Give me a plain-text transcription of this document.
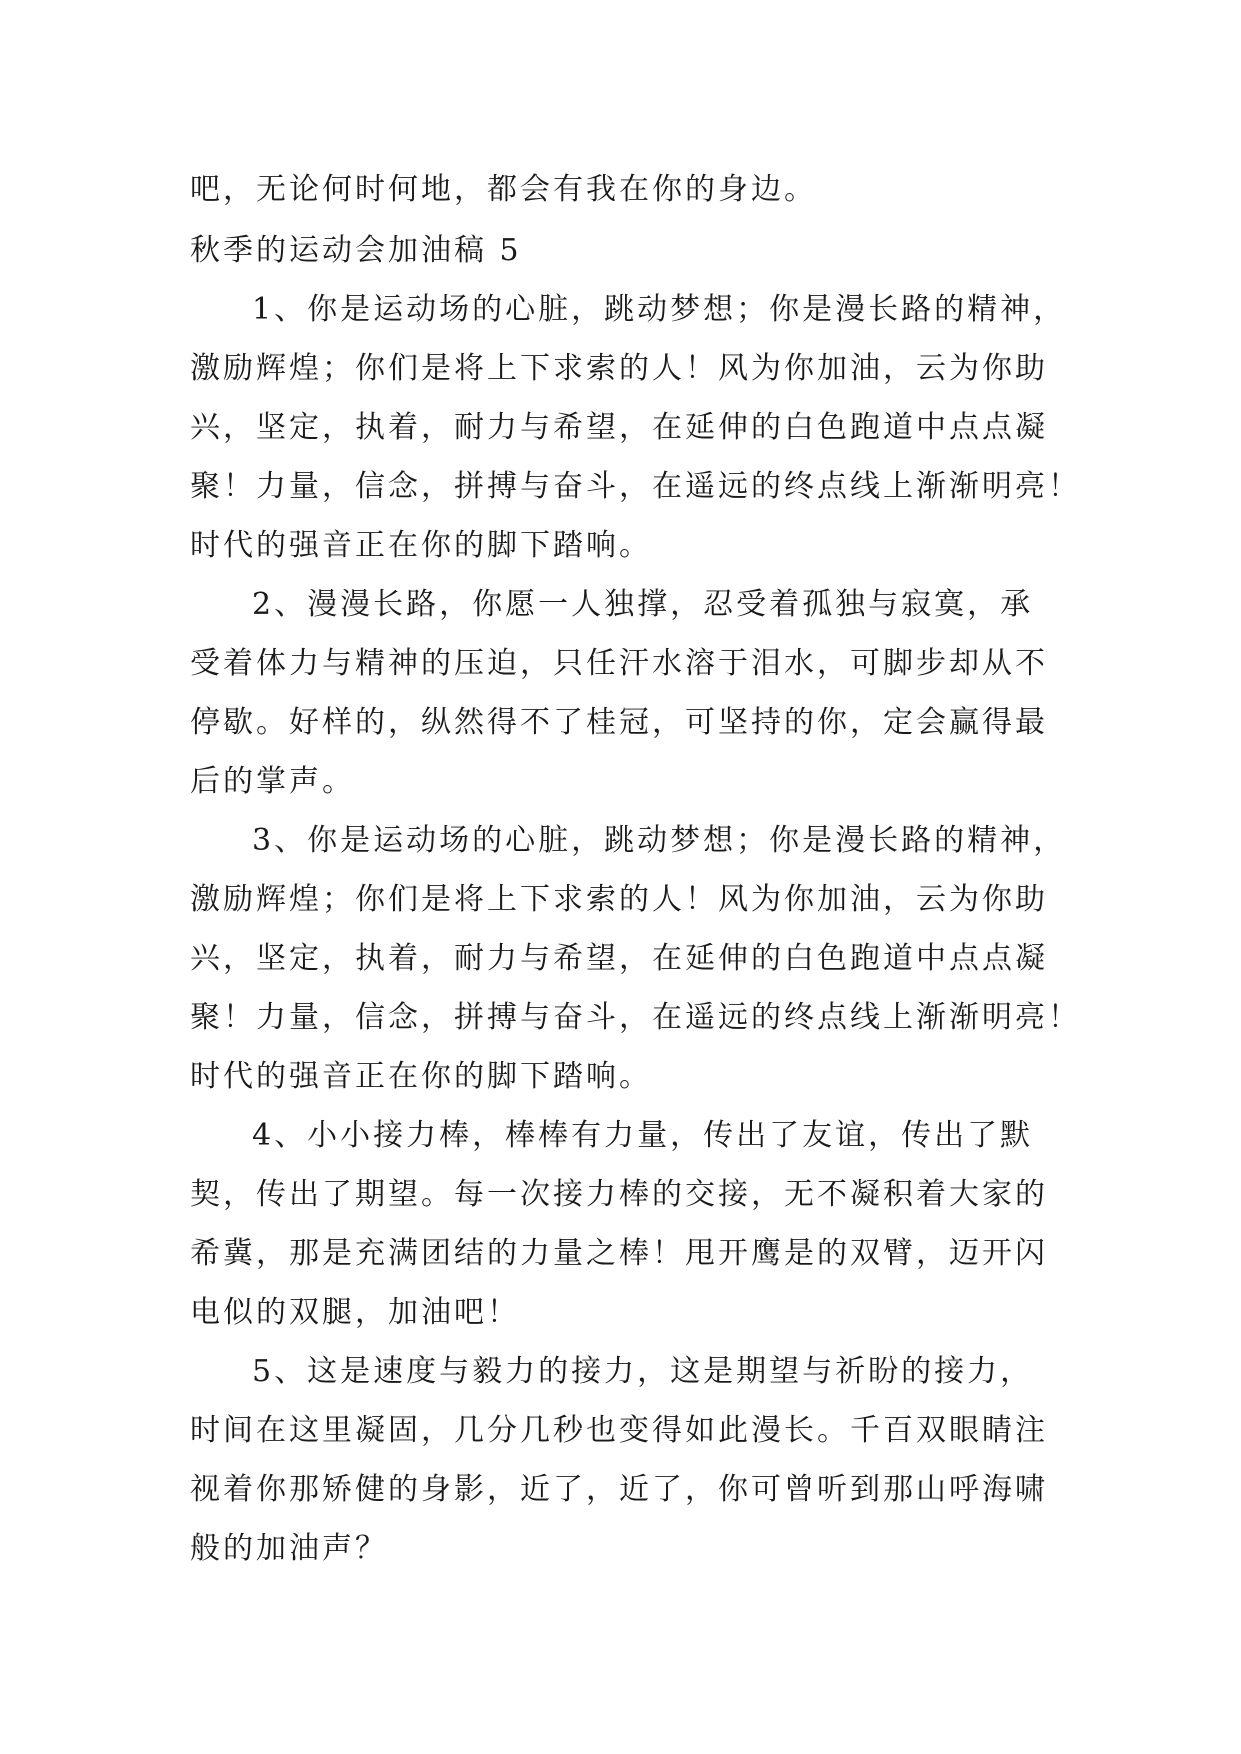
吧，无论何时何地，都会有我在你的身边。
秋季的运动会加油稿 5
1、你是运动场的心脏，跳动梦想；你是漫长路的精神，
激励辉煌；你们是将上下求索的人！风为你加油，云为你助
兴，坚定，执着，耐力与希望，在延伸的白色跑道中点点凝
聚！力量，信念，拼搏与奋斗，在遥远的终点线上渐渐明亮！
时代的强音正在你的脚下踏响。
2、漫漫长路，你愿一人独撑，忍受着孤独与寂寞，承
受着体力与精神的压迫，只任汗水溶于泪水，可脚步却从不
停歇。好样的，纵然得不了桂冠，可坚持的你，定会赢得最
后的掌声。
3、你是运动场的心脏，跳动梦想；你是漫长路的精神，
激励辉煌；你们是将上下求索的人！风为你加油，云为你助
兴，坚定，执着，耐力与希望，在延伸的白色跑道中点点凝
聚！力量，信念，拼搏与奋斗，在遥远的终点线上渐渐明亮！
时代的强音正在你的脚下踏响。
4、小小接力棒，棒棒有力量，传出了友谊，传出了默
契，传出了期望。每一次接力棒的交接，无不凝积着大家的
希冀，那是充满团结的力量之棒！甩开鹰是的双臂，迈开闪
电似的双腿，加油吧！
5、这是速度与毅力的接力，这是期望与祈盼的接力，
时间在这里凝固，几分几秒也变得如此漫长。千百双眼睛注
视着你那矫健的身影，近了，近了，你可曾听到那山呼海啸
般的加油声？
